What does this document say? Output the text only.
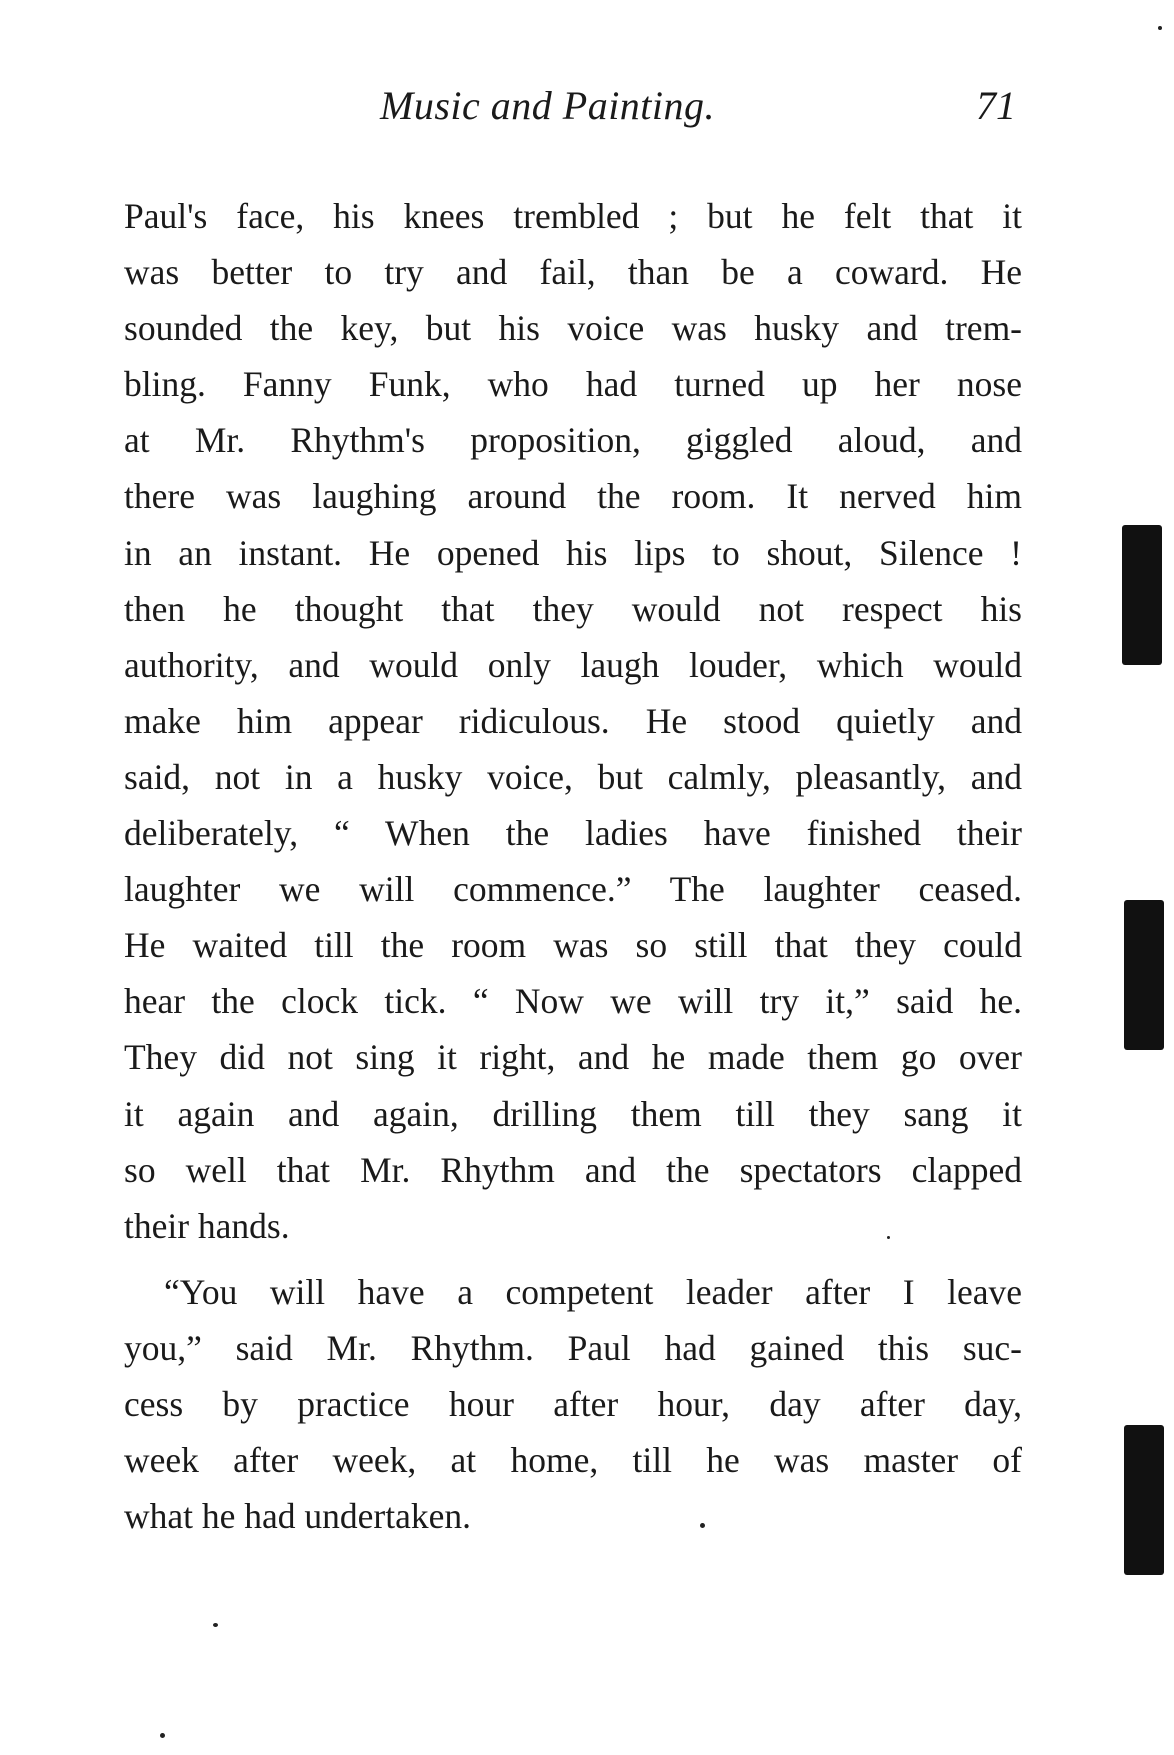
Music and Painting.	71
Paul's face, his knees trembled ; but he felt that it
was better to try and fail, than be a coward. He
sounded the key, but his voice was husky and trem-
bling. Fanny Funk, who had turned up her nose
at Mr. Rhythm's proposition, giggled aloud, and
there was laughing around the room. It nerved him
in an instant. He opened his lips to shout, Silence !
then he thought that they would not respect his
authority, and would only laugh louder, which would
make him appear ridiculous. He stood quietly and
said, not in a husky voice, but calmly, pleasantly, and
deliberately, “ When the ladies have finished their
laughter we will commence.” The laughter ceased.
He waited till the room was so still that they could
hear the clock tick. “ Now we will try it,” said he.
They did not sing it right, and he made them go over
it again and again, drilling them till they sang it
so well that Mr. Rhythm and the spectators clapped
their hands.
“You will have a competent leader after I leave
you,” said Mr. Rhythm. Paul had gained this suc-
cess by practice hour after hour, day after day,
week after week, at home, till he was master of
what he had undertaken.
